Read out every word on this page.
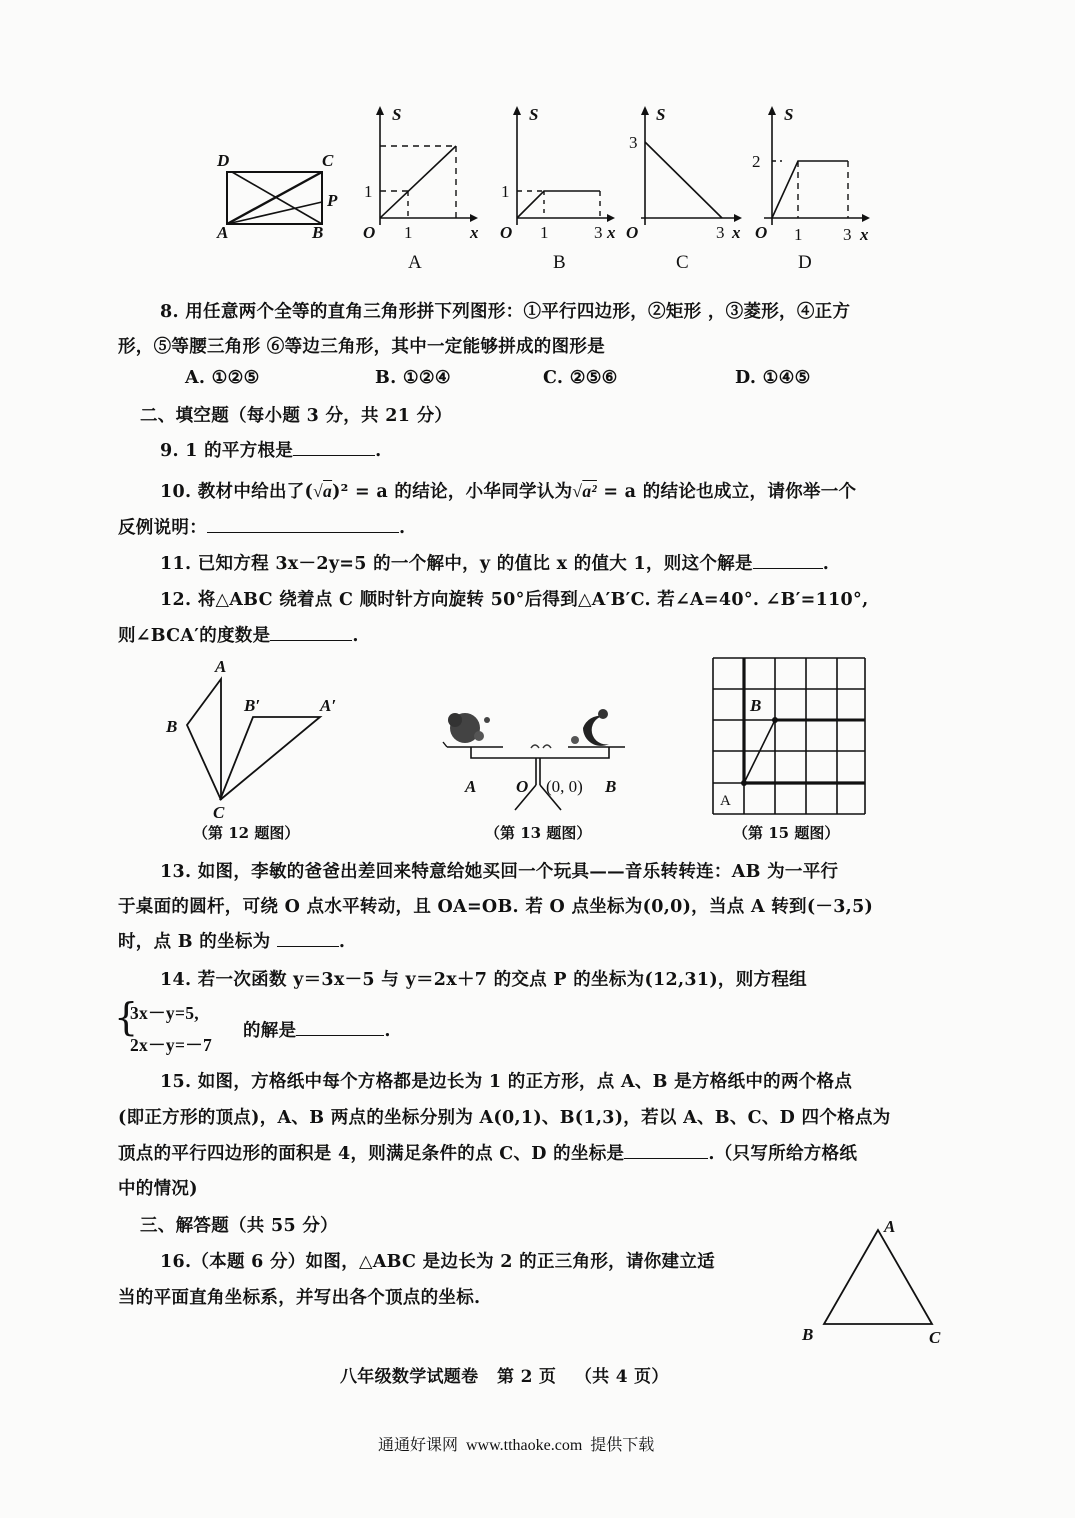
D	C
P
A	B
S
1
1
O	x
A
S
1
1	3
O	x
B
S
3
3
O	x
C
S
2
1 3
O	x
D
8. 用任意两个全等的直角三角形拼下列图形：①平行四边形，②矩形 ，③菱形，④正方
形，⑤等腰三角形 ⑥等边三角形，其中一定能够拼成的图形是
A. ①②⑤	B. ①②④	C. ②⑤⑥	D. ①④⑤
二、填空题（每小题 3 分，共 21 分）
9. 1 的平方根是	.
10. 教材中给出了(√a)² = a 的结论，小华同学认为√a² = a 的结论也成立，请你举一个
反例说明：	.
11. 已知方程 3x－2y=5 的一个解中，y 的值比 x 的值大 1，则这个解是	.
12. 将△ABC 绕着点 C 顺时针方向旋转 50°后得到△A′B′C. 若∠A=40°. ∠B′=110°,
则∠BCA′的度数是	.
A
B
C
B′	A′
（第 12 题图）
A O (0, 0) B
（第 13 题图）
B
A
（第 15 题图）
13. 如图，李敏的爸爸出差回来特意给她买回一个玩具——音乐转转连：AB 为一平行
于桌面的圆杆，可绕 O 点水平转动，且 OA=OB. 若 O 点坐标为(0,0)，当点 A 转到(－3,5)
时，点 B 的坐标为	.
14. 若一次函数 y＝3x－5 与 y＝2x＋7 的交点 P 的坐标为(12,31)，则方程组
{
3x－y=5,
2x－y=－7
的解是	.
15. 如图，方格纸中每个方格都是边长为 1 的正方形，点 A、B 是方格纸中的两个格点
(即正方形的顶点)，A、B 两点的坐标分别为 A(0,1)、B(1,3)，若以 A、B、C、D 四个格点为
顶点的平行四边形的面积是 4，则满足条件的点 C、D 的坐标是	.（只写所给方格纸
中的情况)
三、解答题（共 55 分）
16.（本题 6 分）如图，△ABC 是边长为 2 的正三角形，请你建立适
当的平面直角坐标系，并写出各个顶点的坐标.
A
B	C
八年级数学试题卷   第 2 页   （共 4 页）
通通好课网  www.tthaoke.com  提供下载
